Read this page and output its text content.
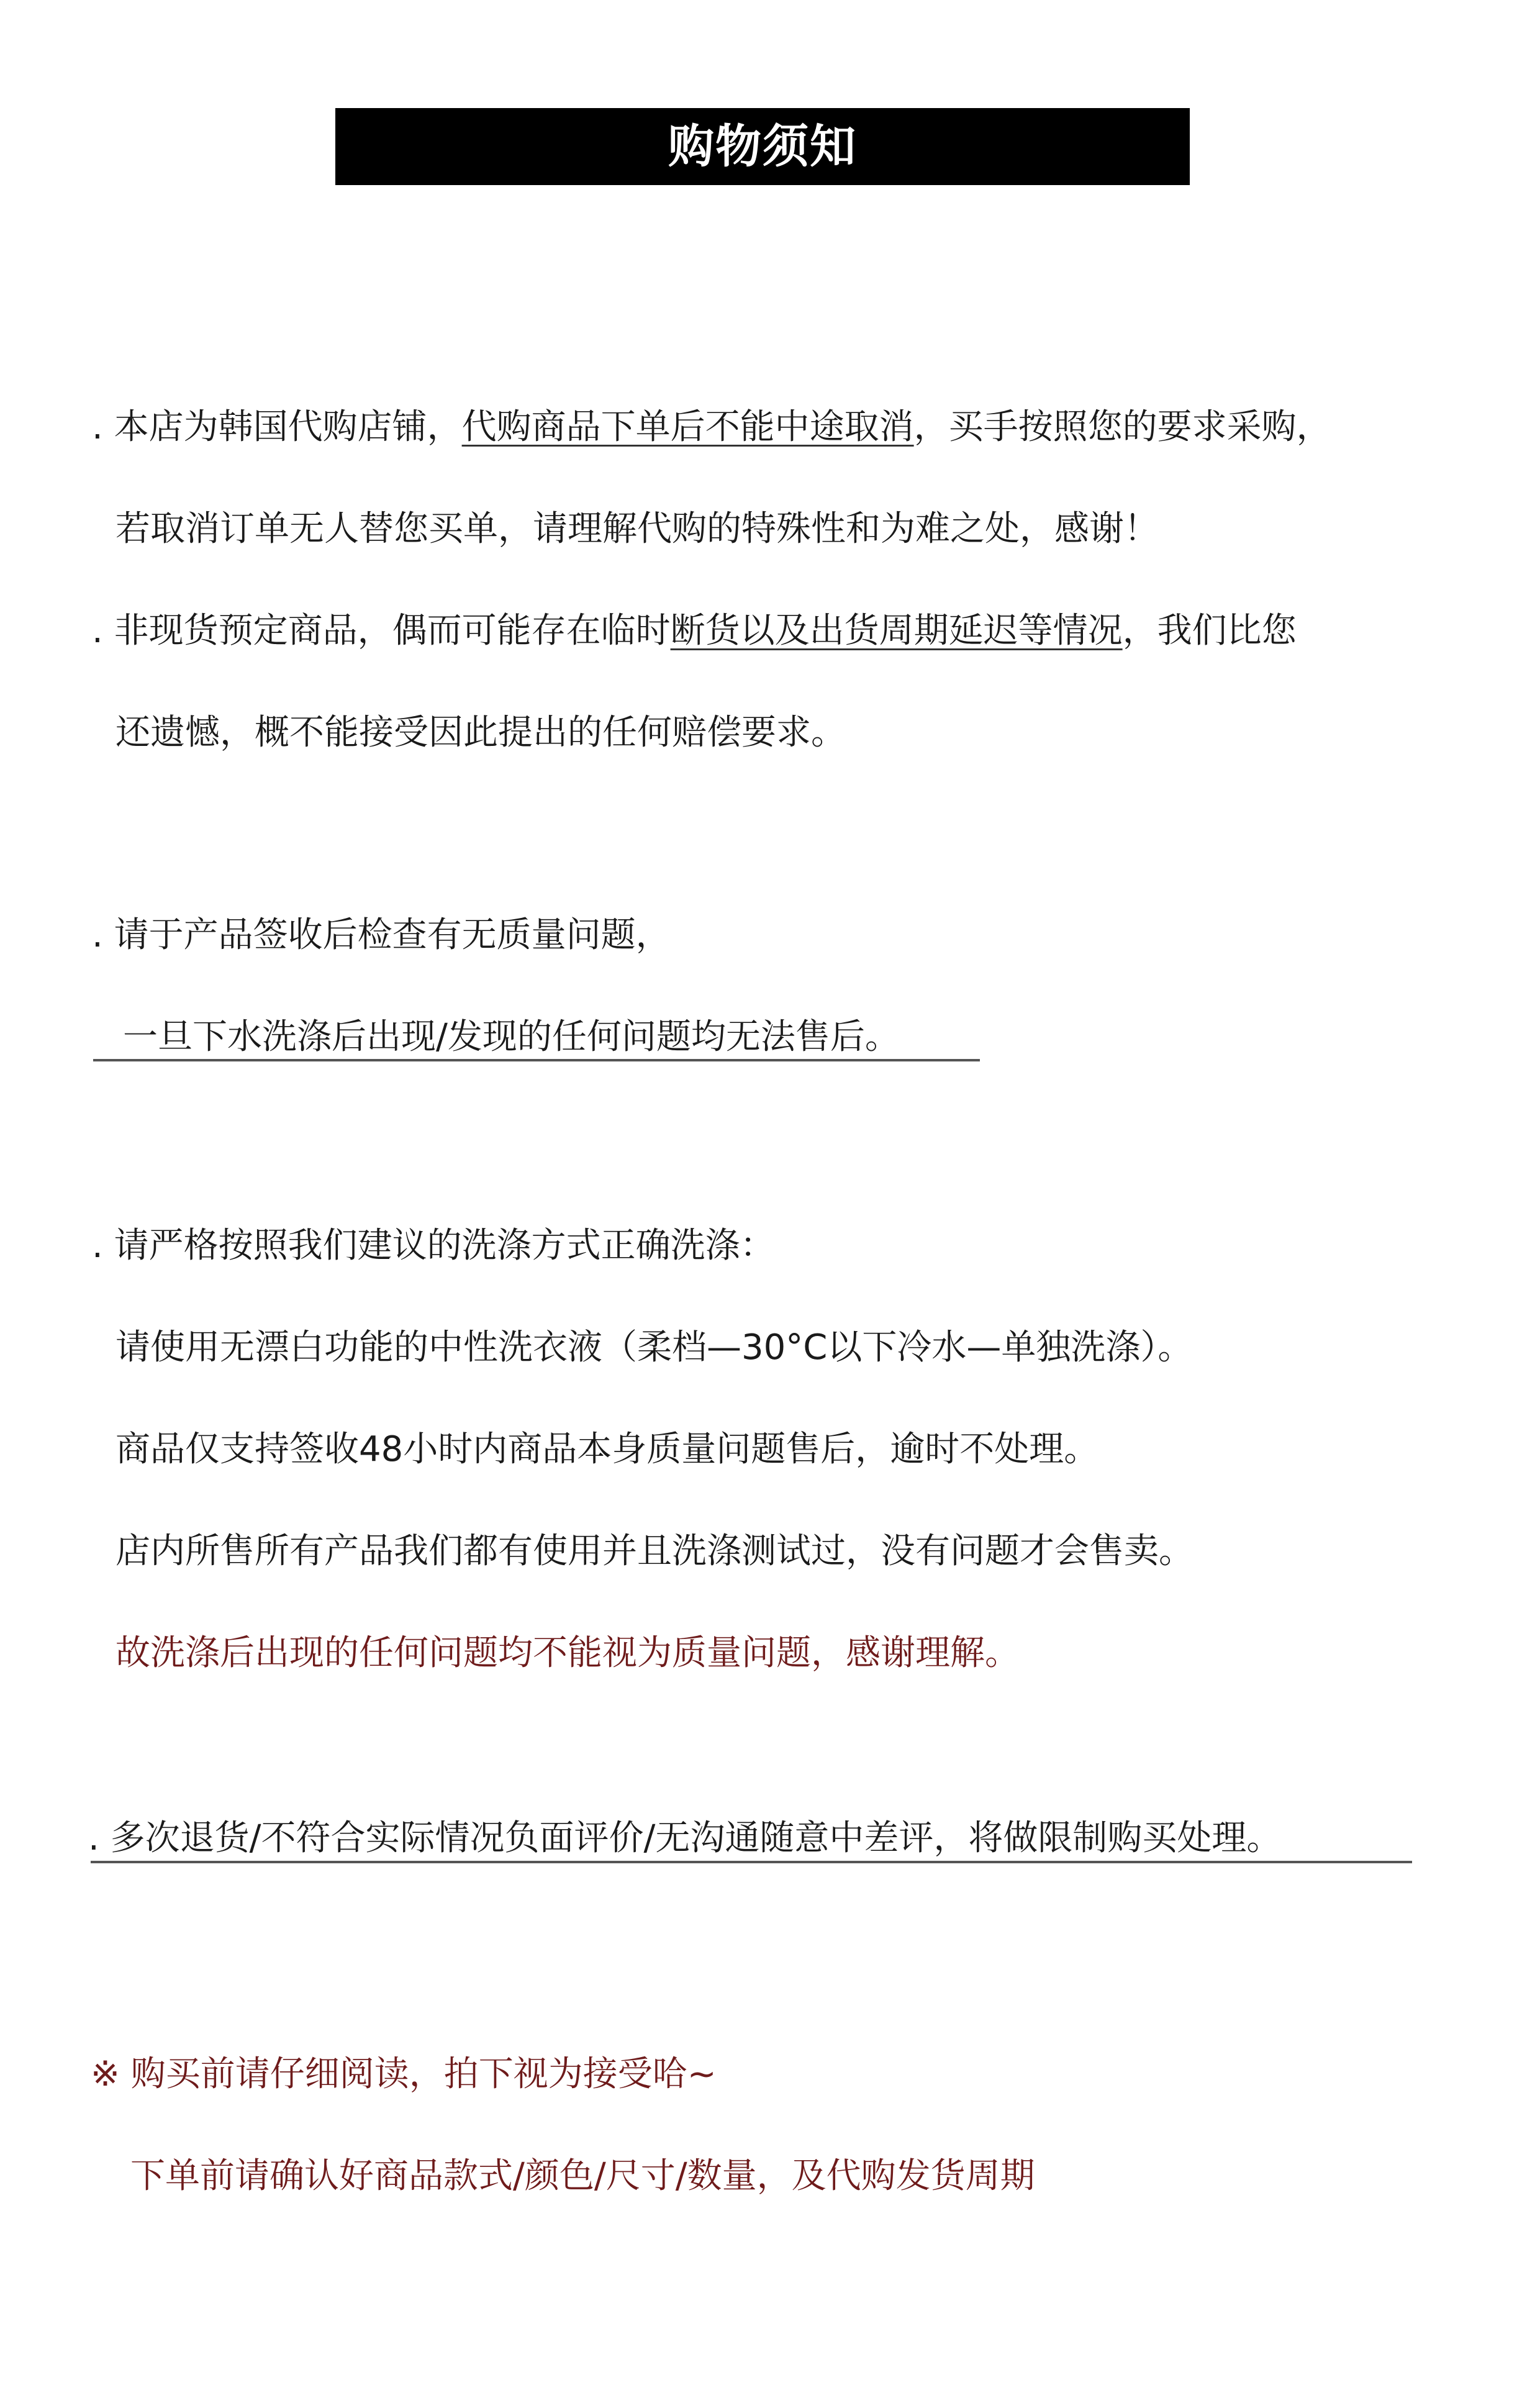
购物须知
. 本店为韩国代购店铺，代购商品下单后不能中途取消，买手按照您的要求采购，
若取消订单无人替您买单，请理解代购的特殊性和为难之处，感谢！
. 非现货预定商品，偶而可能存在临时断货以及出货周期延迟等情况，我们比您
还遗憾，概不能接受因此提出的任何赔偿要求。
. 请于产品签收后检查有无质量问题，
一旦下水洗涤后出现/发现的任何问题均无法售后。
. 请严格按照我们建议的洗涤方式正确洗涤：
请使用无漂白功能的中性洗衣液（柔档—30°C以下冷水—单独洗涤）。
商品仅支持签收48小时内商品本身质量问题售后，逾时不处理。
店内所售所有产品我们都有使用并且洗涤测试过，没有问题才会售卖。
故洗涤后出现的任何问题均不能视为质量问题，感谢理解。
. 多次退货/不符合实际情况负面评价/无沟通随意中差评，将做限制购买处理。
※ 购买前请仔细阅读，拍下视为接受哈~
下单前请确认好商品款式/颜色/尺寸/数量，及代购发货周期
